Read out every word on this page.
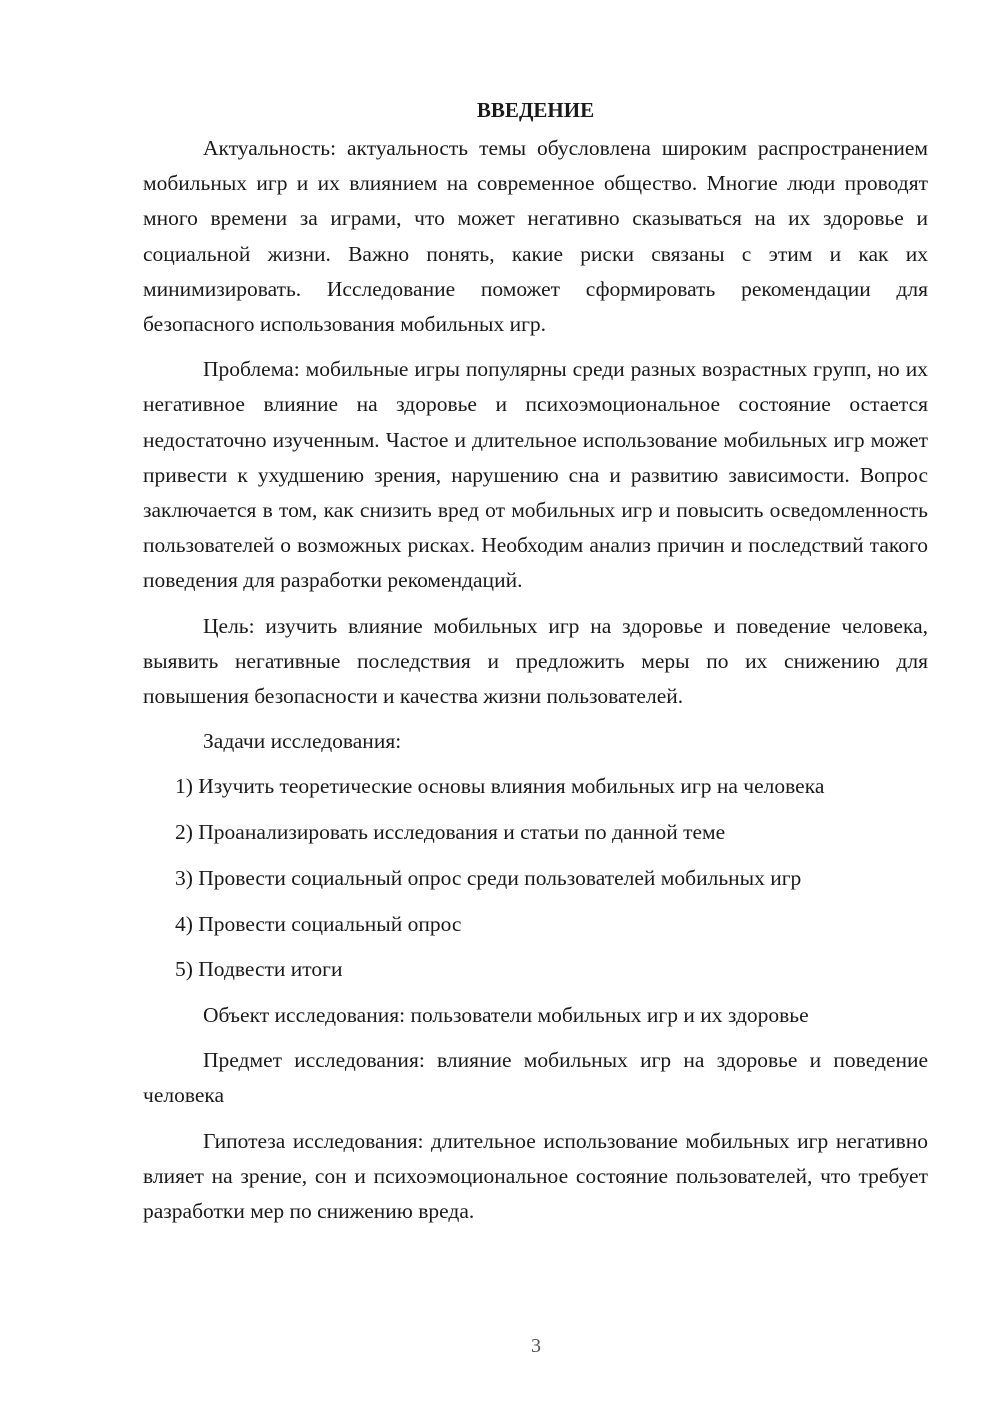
ВВЕДЕНИЕ

Актуальность: актуальность темы обусловлена широким распространением мобильных игр и их влиянием на современное общество. Многие люди проводят много времени за играми, что может негативно сказываться на их здоровье и социальной жизни. Важно понять, какие риски связаны с этим и как их минимизировать. Исследование поможет сформировать рекомендации для безопасного использования мобильных игр.

Проблема: мобильные игры популярны среди разных возрастных групп, но их негативное влияние на здоровье и психоэмоциональное состояние остается недостаточно изученным. Частое и длительное использование мобильных игр может привести к ухудшению зрения, нарушению сна и развитию зависимости. Вопрос заключается в том, как снизить вред от мобильных игр и повысить осведомленность пользователей о возможных рисках. Необходим анализ причин и последствий такого поведения для разработки рекомендаций.

Цель: изучить влияние мобильных игр на здоровье и поведение человека, выявить негативные последствия и предложить меры по их снижению для повышения безопасности и качества жизни пользователей.

Задачи исследования:

1) Изучить теоретические основы влияния мобильных игр на человека
2) Проанализировать исследования и статьи по данной теме
3) Провести социальный опрос среди пользователей мобильных игр
4) Провести социальный опрос
5) Подвести итоги

Объект исследования: пользователи мобильных игр и их здоровье

Предмет исследования: влияние мобильных игр на здоровье и поведение человека

Гипотеза исследования: длительное использование мобильных игр негативно влияет на зрение, сон и психоэмоциональное состояние пользователей, что требует разработки мер по снижению вреда.

3
